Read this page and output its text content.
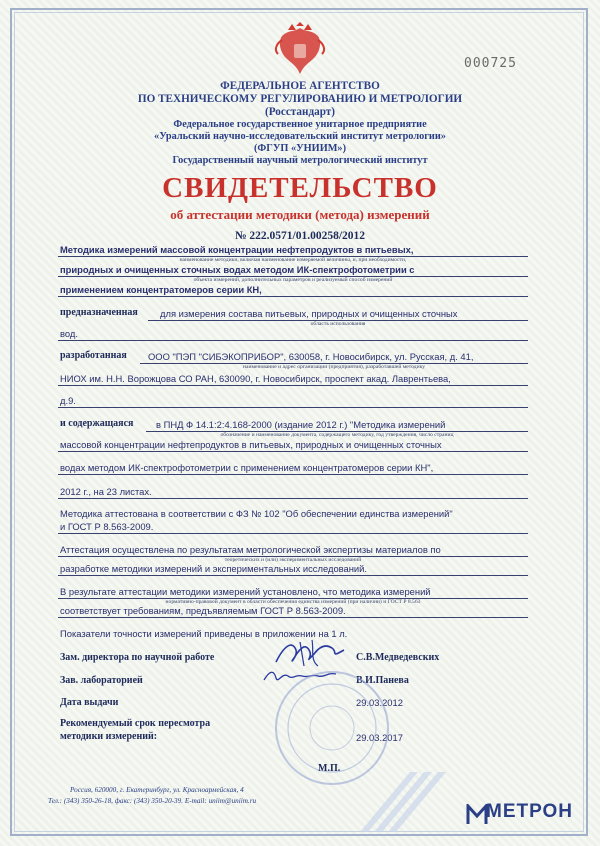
000725
ФЕДЕРАЛЬНОЕ АГЕНТСТВО
ПО ТЕХНИЧЕСКОМУ РЕГУЛИРОВАНИЮ И МЕТРОЛОГИИ
(Росстандарт)
Федеральное государственное унитарное предприятие
«Уральский научно-исследовательский институт метрологии»
(ФГУП «УНИИМ»)
Государственный научный метрологический институт
СВИДЕТЕЛЬСТВО
об аттестации методики (метода) измерений
№ 222.0571/01.00258/2012
Методика измерений массовой концентрации нефтепродуктов в питьевых,
наименование методики, включая наименование измеряемой величины, и, при необходимости,
природных и очищенных сточных водах методом ИК-спектрофотометрии с
объекта измерений, дополнительных параметров и реализуемый способ измерений
применением концентратомеров серии КН,
предназначенная для измерения состава питьевых, природных и очищенных сточных
область использования
вод.
разработанная ООО "ПЭП "СИБЭКОПРИБОР", 630058, г. Новосибирск, ул. Русская, д. 41,
наименование и адрес организации (предприятия), разработавшей методику
НИОХ им. Н.Н. Ворожцова СО РАН, 630090, г. Новосибирск, проспект акад. Лаврентьева,
д.9.
и содержащаяся в ПНД Ф 14.1:2:4.168-2000 (издание 2012 г.) "Методика измерений
обозначение и наименование документа, содержащего методику, год утверждения, число страниц
массовой концентрации нефтепродуктов в питьевых, природных и очищенных сточных
водах методом ИК-спектрофотометрии с применением концентратомеров серии КН",
2012 г., на 23 листах.
Методика аттестована в соответствии с ФЗ № 102 "Об обеспечении единства измерений"
и ГОСТ Р 8.563-2009.
Аттестация осуществлена по результатам метрологической экспертизы материалов по
теоретических и (или) экспериментальных исследований
разработке методики измерений и экспериментальных исследований.
В результате аттестации методики измерений установлено, что методика измерений
нормативно-правовой документ в области обеспечения единства измерений (при наличии) и ГОСТ Р 8.563
соответствует требованиям, предъявляемым ГОСТ Р 8.563-2009.
Показатели точности измерений приведены в приложении на 1 л.
Зам. директора по научной работе	С.В.Медведевских
Зав. лабораторией	В.И.Панева
Дата выдачи	29.03.2012
Рекомендуемый срок пересмотра
методики измерений:	29.03.2017
М.П.
Россия, 620000, г. Екатеринбург, ул. Красноармейская, 4
Тел.: (343) 350-26-18, факс: (343) 350-20-39. E-mail: uniim@uniim.ru	МЕТРОН
